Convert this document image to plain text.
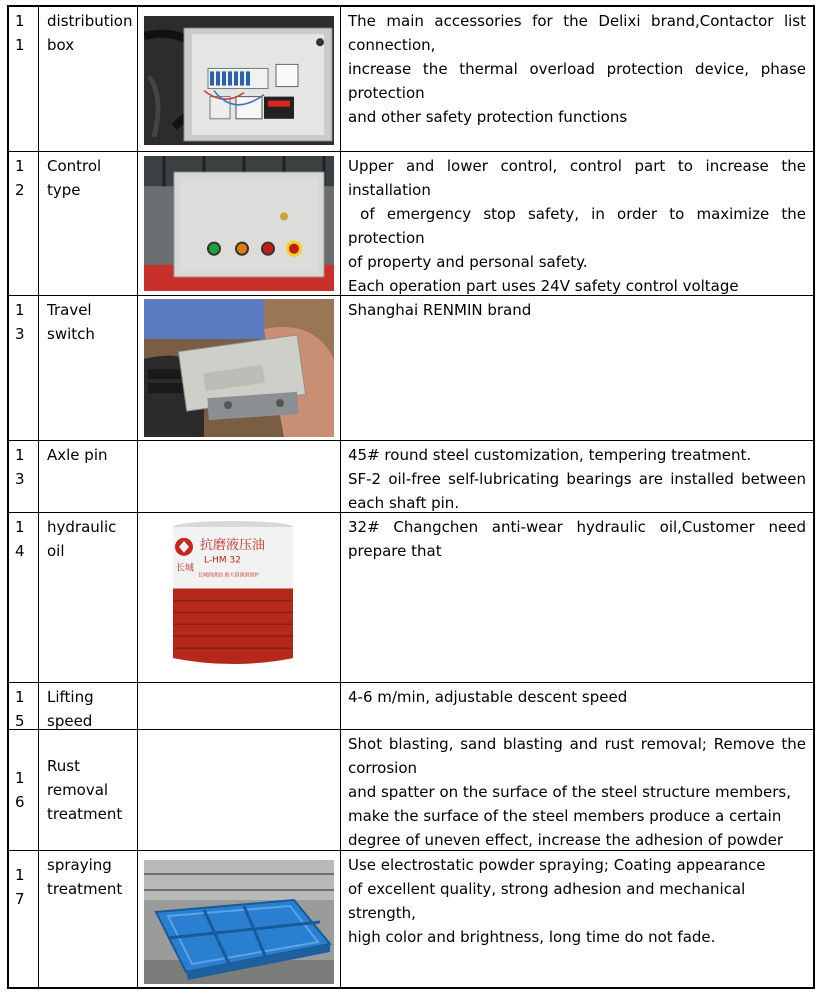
11
distribution box

The main accessories for the Delixi brand,Contactor list

connection,

increase the thermal overload protection device, phase

protection

and other safety protection functions

12
Control type

Upper and lower control, control part to increase the

installation

of emergency stop safety, in order to maximize the

protection

of property and personal safety.

Each operation part uses 24V safety control voltage

13
Travel switch

Shanghai RENMIN brand

13
Axle pin	45# round steel customization, tempering treatment.

SF-2 oil-free self-lubricating bearings are installed between

each shaft pin.

14
hydraulic oil	抗磨液压油
L-HM 32
长城
长城润滑油 助天值润滑保护

32# Changchen anti-wear hydraulic oil,Customer need

prepare that

15
Lifting speed

4-6 m/min, adjustable descent speed

16
Rust removal treatment

Shot blasting, sand blasting and rust removal; Remove the

corrosion

and spatter on the surface of the steel structure members,

make the surface of the steel members produce a certain

degree of uneven effect, increase the adhesion of powder

17
spraying treatment

Use electrostatic powder spraying; Coating appearance

of excellent quality, strong adhesion and mechanical strength,

high color and brightness, long time do not fade.
